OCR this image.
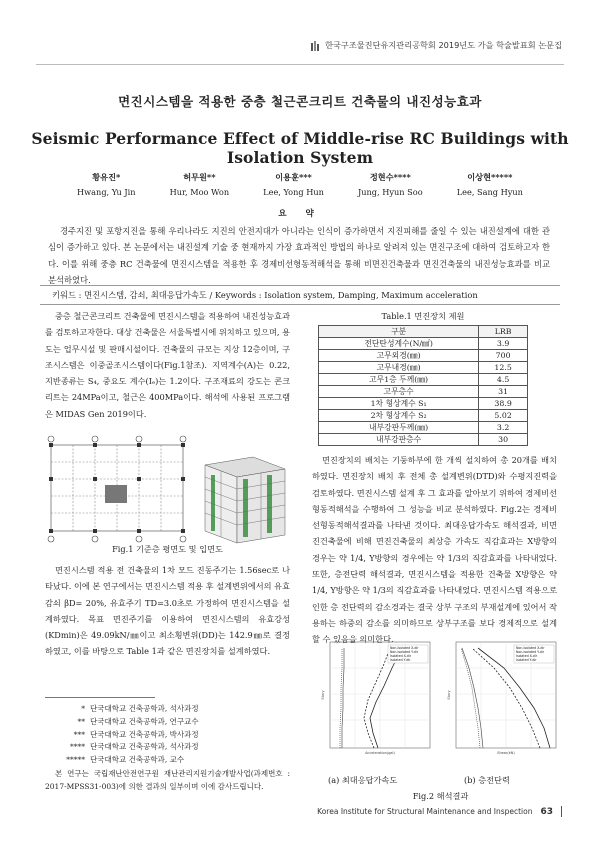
한국구조물진단유지관리공학회 2019년도 가을 학술발표회 논문집
면진시스템을 적용한 중층 철근콘크리트 건축물의 내진성능효과
Seismic Performance Effect of Middle-rise RC Buildings with Isolation System
황유진*
Hwang, Yu Jin
허무원**
Hur, Moo Won
이용훈***
Lee, Yong Hun
정현수****
Jung, Hyun Soo
이상현*****
Lee, Sang Hyun
요 약
경주지진 및 포항지진을 통해 우리나라도 지진의 안전지대가 아니라는 인식이 증가하면서 지진피해를 줄일 수 있는 내진설계에 대한 관심이 증가하고 있다. 본 논문에서는 내진설계 기술 중 현재까지 가장 효과적인 방법의 하나로 알려져 있는 면진구조에 대하여 검토하고자 한다. 이를 위해 중층 RC 건축물에 면진시스템을 적용한 후 경제비선형동적해석을 통해 비면진건축물과 면진건축물의 내진성능효과를 비교 분석하였다.
키워드 : 면진시스템, 감쇠, 최대응답가속도 / Keywords : Isolation system, Damping, Maximum acceleration

중층 철근콘크리트 건축물에 면진시스템을 적용하여 내진성능효과를 검토하고자한다. 대상 건축물은 서울특별시에 위치하고 있으며, 용도는 업무시설 및 판매시설이다. 건축물의 규모는 지상 12층이며, 구조시스템은 이중골조시스템이다(Fig.1참조). 지역계수(A)는 0.22, 지반종류는 S₄, 중요도 계수(Iₑ)는 1.2이다. 구조재료의 강도는 콘크리트는 24MPa이고, 철근은 400MPa이다. 해석에 사용된 프로그램은 MIDAS Gen 2019이다.

Fig.1 기준층 평면도 및 입면도

면진시스템 적용 전 건축물의 1차 모드 진동주기는 1.56sec로 나타났다. 이에 본 연구에서는 면진시스템 적용 후 설계변위에서의 유효감쇠 βD= 20%, 유효주기 TD=3.0초로 가정하여 면진시스템을 설계하였다. 목표 면진주기를 이용하여 면진시스템의 유효강성(KDmin)은 49.09kN/㎜이고 최소횡변위(DD)는 142.9㎜로 결정하였고, 이를 바탕으로 Table 1과 같은 면진장치를 설계하였다.

* 단국대학교 건축공학과, 석사과정
** 단국대학교 건축공학과, 연구교수
*** 단국대학교 건축공학과, 박사과정
**** 단국대학교 건축공학과, 석사과정
***** 단국대학교 건축공학과, 교수
본 연구는 국립재난안전연구원 재난관리지원기술개발사업(과제번호 : 2017-MPSS31-003)에 의한 결과의 일부이며 이에 감사드립니다.
Table.1 면진장치 제원
구분	LRB
전단탄성계수(N/㎟)	3.9
고무외경(㎜)	700
고무내경(㎜)	12.5
고무1층 두께(㎜)	4.5
고무층수	31
1차 형상계수 S₁	38.9
2차 형상계수 S₂	5.02
내부강판두께(㎜)	3.2
내부강판층수	30

면진장치의 배치는 기둥하부에 한 개씩 설치하여 총 20개를 배치하였다. 면진장치 배치 후 전체 총 설계변위(DTD)와 수평지진력을 검토하였다. 면진시스템 설계 후 그 효과를 알아보기 위하여 경제비선형동적해석을 수행하여 그 성능을 비교 분석하였다. Fig.2는 경제비선형동적해석결과를 나타낸 것이다. 최대응답가속도 해석결과, 비면진건축물에 비해 면진건축물의 최상층 가속도 직감효과는 X방향의 경우는 약 1/4, Y방향의 경우에는 약 1/3의 직감효과를 나타내었다. 또한, 층전단력 해석결과, 면진시스템을 적용한 건축물 X방향은 약 1/4, Y방향은 약 1/3의 직감효과를 나타내었다. 면진시스템 적용으로 인한 층 전단력의 감소경과는 결국 상부 구조의 부재설계에 있어서 작용하는 하중의 감소를 의미하므로 상부구조를 보다 경제적으로 설계할 수 있음을 의미한다.

Non-Isolated X-dir
Non-Isolated Y-dir
Isolated X-dir
Isolated Y-dir
Acceleration(gal)
Story
Non-Isolated X-dir
Non-Isolated Y-dir
Isolated X-dir
Isolated Y-dir
Shear(kN)
Story
(a) 최대응답가속도	(b) 층전단력
Fig.2 해석결과
Korea Institute for Structural Maintenance and Inspection 63
